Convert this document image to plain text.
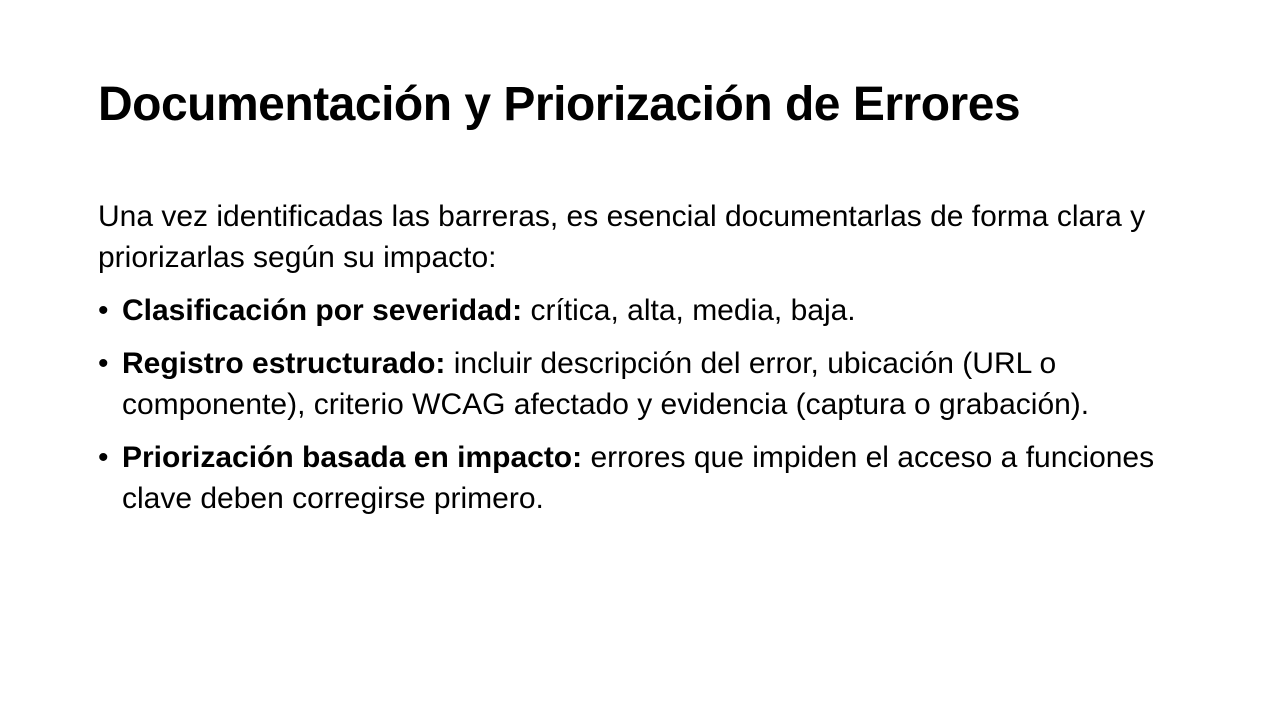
Documentación y Priorización de Errores

Una vez identificadas las barreras, es esencial documentarlas de forma clara y priorizarlas según su impacto:

• Clasificación por severidad: crítica, alta, media, baja.
• Registro estructurado: incluir descripción del error, ubicación (URL o componente), criterio WCAG afectado y evidencia (captura o grabación).
• Priorización basada en impacto: errores que impiden el acceso a funciones clave deben corregirse primero.
